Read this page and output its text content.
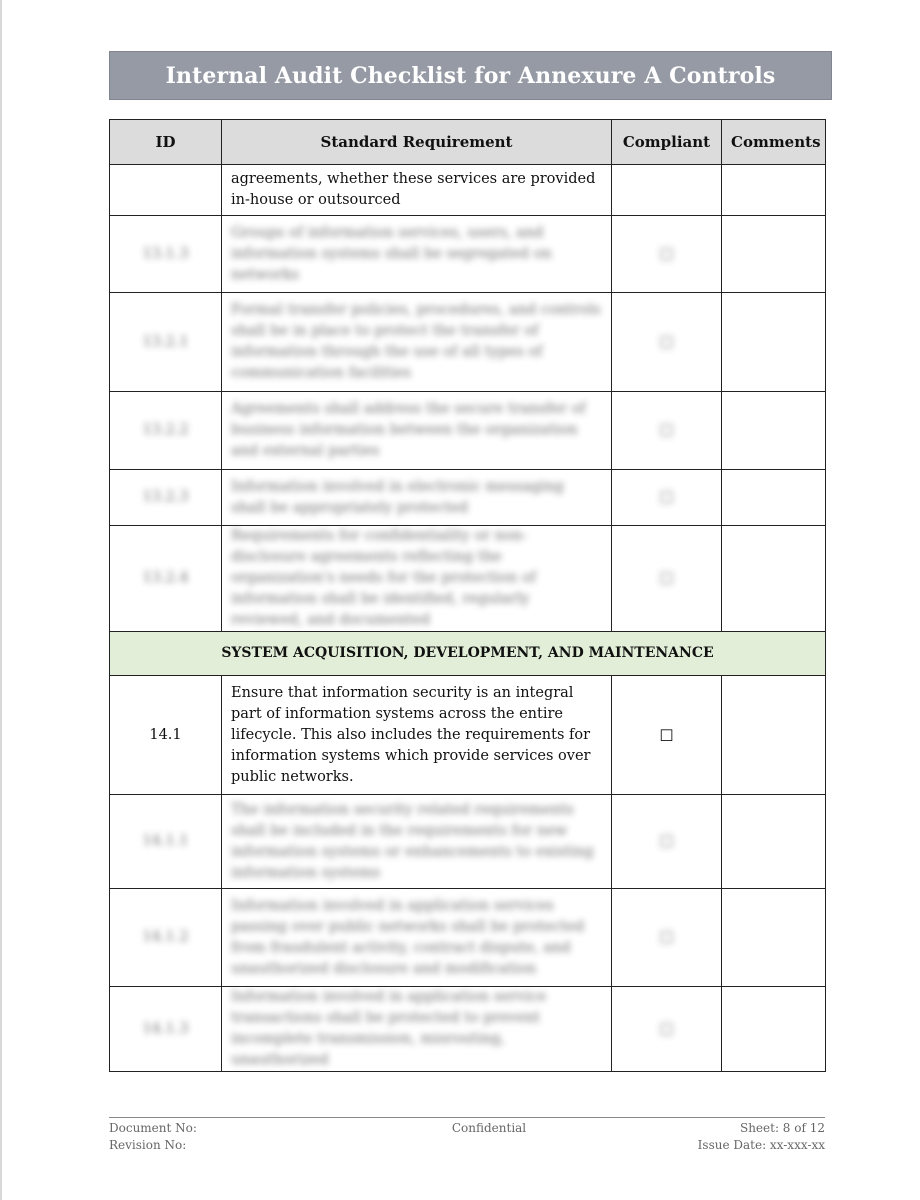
Internal Audit Checklist for Annexure A Controls
ID	Standard Requirement	Compliant	Comments
	agreements, whether these services are provided in-house or outsourced		
13.1.3	Groups of information services, users, and information systems shall be segregated on networks	☐	
13.2.1	Formal transfer policies, procedures, and controls shall be in place to protect the transfer of information through the use of all types of communication facilities	☐	
13.2.2	Agreements shall address the secure transfer of business information between the organization and external parties	☐	
13.2.3	Information involved in electronic messaging shall be appropriately protected	☐	
13.2.4	Requirements for confidentiality or non-disclosure agreements reflecting the organization's needs for the protection of information shall be identified, regularly reviewed, and documented	☐	
SYSTEM ACQUISITION, DEVELOPMENT, AND MAINTENANCE			
14.1	Ensure that information security is an integral part of information systems across the entire lifecycle. This also includes the requirements for information systems which provide services over public networks.	☐	
14.1.1	The information security related requirements shall be included in the requirements for new information systems or enhancements to existing information systems	☐	
14.1.2	Information involved in application services passing over public networks shall be protected from fraudulent activity, contract dispute, and unauthorized disclosure and modification	☐	
14.1.3	Information involved in application service transactions shall be protected to prevent incomplete transmission, misrouting, unauthorized	☐	
Document No:
Revision No:
Confidential	Sheet: 8 of 12
Issue Date: xx-xxx-xx
